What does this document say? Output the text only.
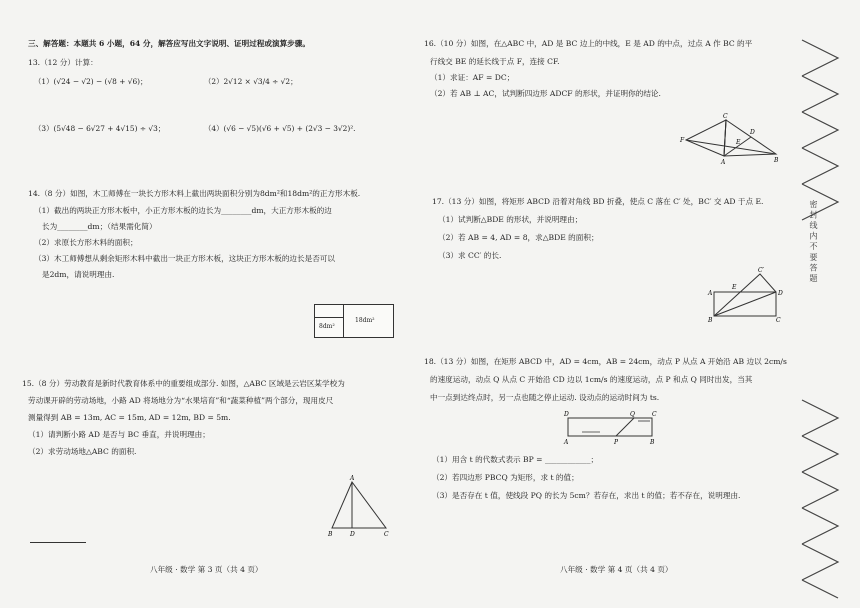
三、解答题：本题共 6 小题，64 分，解答应写出文字说明、证明过程或演算步骤。
13.（12 分）计算：
（1）(√24 − √2) − (√8 + √6)；	（2）2√12 × √3/4 ÷ √2；
（3）(5√48 − 6√27 + 4√15) ÷ √3；	（4）(√6 − √5)(√6 + √5) + (2√3 − 3√2)².
14.（8 分）如图，木工师傅在一块长方形木料上截出两块面积分别为8dm²和18dm²的正方形木板.
（1）截出的两块正方形木板中，小正方形木板的边长为________dm，大正方形木板的边
长为________dm；（结果需化简）
（2）求原长方形木料的面积；
（3）木工师傅想从剩余矩形木料中截出一块正方形木板，这块正方形木板的边长是否可以
是2dm，请说明理由.
8dm²
18dm²
15.（8 分）劳动教育是新时代教育体系中的重要组成部分. 如图，△ABC 区域是云岩区某学校为
劳动课开辟的劳动场地，小路 AD 将场地分为“水果培育”和“蔬菜种植”两个部分，现用皮尺
测量得到 AB = 13m, AC = 15m, AD = 12m, BD = 5m.
（1）请判断小路 AD 是否与 BC 垂直，并说明理由；
（2）求劳动场地△ABC 的面积.
A
B	D	C
八年级 · 数学 第 3 页（共 4 页）
16.（10 分）如图，在△ABC 中，AD 是 BC 边上的中线，E 是 AD 的中点，过点 A 作 BC 的平
行线交 BE 的延长线于点 F，连接 CF.
（1）求证：AF = DC；
（2）若 AB ⊥ AC，试判断四边形 ADCF 的形状，并证明你的结论.
C
D
E
F
A	B
17.（13 分）如图，将矩形 ABCD 沿着对角线 BD 折叠，使点 C 落在 C′ 处，BC′ 交 AD 于点 E.
（1）试判断△BDE 的形状，并说明理由；
（2）若 AB = 4, AD = 8，求△BDE 的面积；
（3）求 CC′ 的长.
C′
A
E
D
B	C
18.（13 分）如图，在矩形 ABCD 中，AD = 4cm，AB = 24cm，动点 P 从点 A 开始沿 AB 边以 2cm/s
的速度运动，动点 Q 从点 C 开始沿 CD 边以 1cm/s 的速度运动，点 P 和点 Q 同时出发，当其
中一点到达终点时，另一点也随之停止运动. 设动点的运动时间为 ts.
D	Q	C
A	P	B
（1）用含 t 的代数式表示 BP = ____________；
（2）若四边形 PBCQ 为矩形，求 t 的值；
（3）是否存在 t 值，使线段 PQ 的长为 5cm？若存在，求出 t 的值；若不存在，说明理由.
八年级 · 数学 第 4 页（共 4 页）
密 封 线 内 不 要 答 题
